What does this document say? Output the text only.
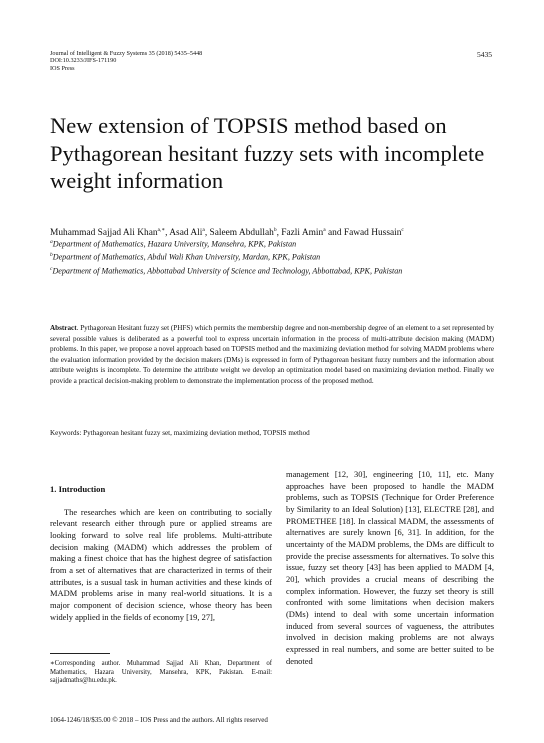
Journal of Intelligent & Fuzzy Systems 35 (2018) 5435–5448
DOI:10.3233/JIFS-171190
IOS Press
5435
New extension of TOPSIS method based on Pythagorean hesitant fuzzy sets with incomplete weight information
Muhammad Sajjad Ali Khan$^{a,∗}$, Asad Ali$^a$, Saleem Abdullah$^b$, Fazli Amin$^a$ and Fawad Hussain$^c$
$^a$Department of Mathematics, Hazara University, Mansehra, KPK, Pakistan
$^b$Department of Mathematics, Abdul Wali Khan University, Mardan, KPK, Pakistan
$^c$Department of Mathematics, Abbottabad University of Science and Technology, Abbottabad, KPK, Pakistan
Abstract. Pythagorean Hesitant fuzzy set (PHFS) which permits the membership degree and non-membership degree of an element to a set represented by several possible values is deliberated as a powerful tool to express uncertain information in the process of multi-attribute decision making (MADM) problems. In this paper, we propose a novel approach based on TOPSIS method and the maximizing deviation method for solving MADM problems where the evaluation information provided by the decision makers (DMs) is expressed in form of Pythagorean hesitant fuzzy numbers and the information about attribute weights is incomplete. To determine the attribute weight we develop an optimization model based on maximizing deviation method. Finally we provide a practical decision-making problem to demonstrate the implementation process of the proposed method.
Keywords: Pythagorean hesitant fuzzy set, maximizing deviation method, TOPSIS method
1. Introduction

The researches which are keen on contributing to socially relevant research either through pure or applied streams are looking forward to solve real life problems. Multi-attribute decision making (MADM) which addresses the problem of making a finest choice that has the highest degree of satisfaction from a set of alternatives that are characterized in terms of their attributes, is a susual task in human activities and these kinds of MADM problems arise in many real-world situations. It is a major component of decision science, whose theory has been widely applied in the fields of economy [19, 27],

management [12, 30], engineering [10, 11], etc. Many approaches have been proposed to handle the MADM problems, such as TOPSIS (Technique for Order Preference by Similarity to an Ideal Solution) [13], ELECTRE [28], and PROMETHEE [18]. In classical MADM, the assessments of alternatives are surely known [6, 31]. In addition, for the uncertainty of the MADM problems, the DMs are difficult to provide the precise assessments for alternatives. To solve this issue, fuzzy set theory [43] has been applied to MADM [4, 20], which provides a crucial means of describing the complex information. However, the fuzzy set theory is still confronted with some limitations when decision makers (DMs) intend to deal with some uncertain information induced from several sources of vagueness, the attributes involved in decision making problems are not always expressed in real numbers, and some are better suited to be denoted

∗Corresponding author. Muhammad Sajjad Ali Khan, Department of Mathematics, Hazara University, Mansehra, KPK, Pakistan. E-mail: sajjadmaths@hu.edu.pk.
1064-1246/18/$35.00 © 2018 – IOS Press and the authors. All rights reserved
